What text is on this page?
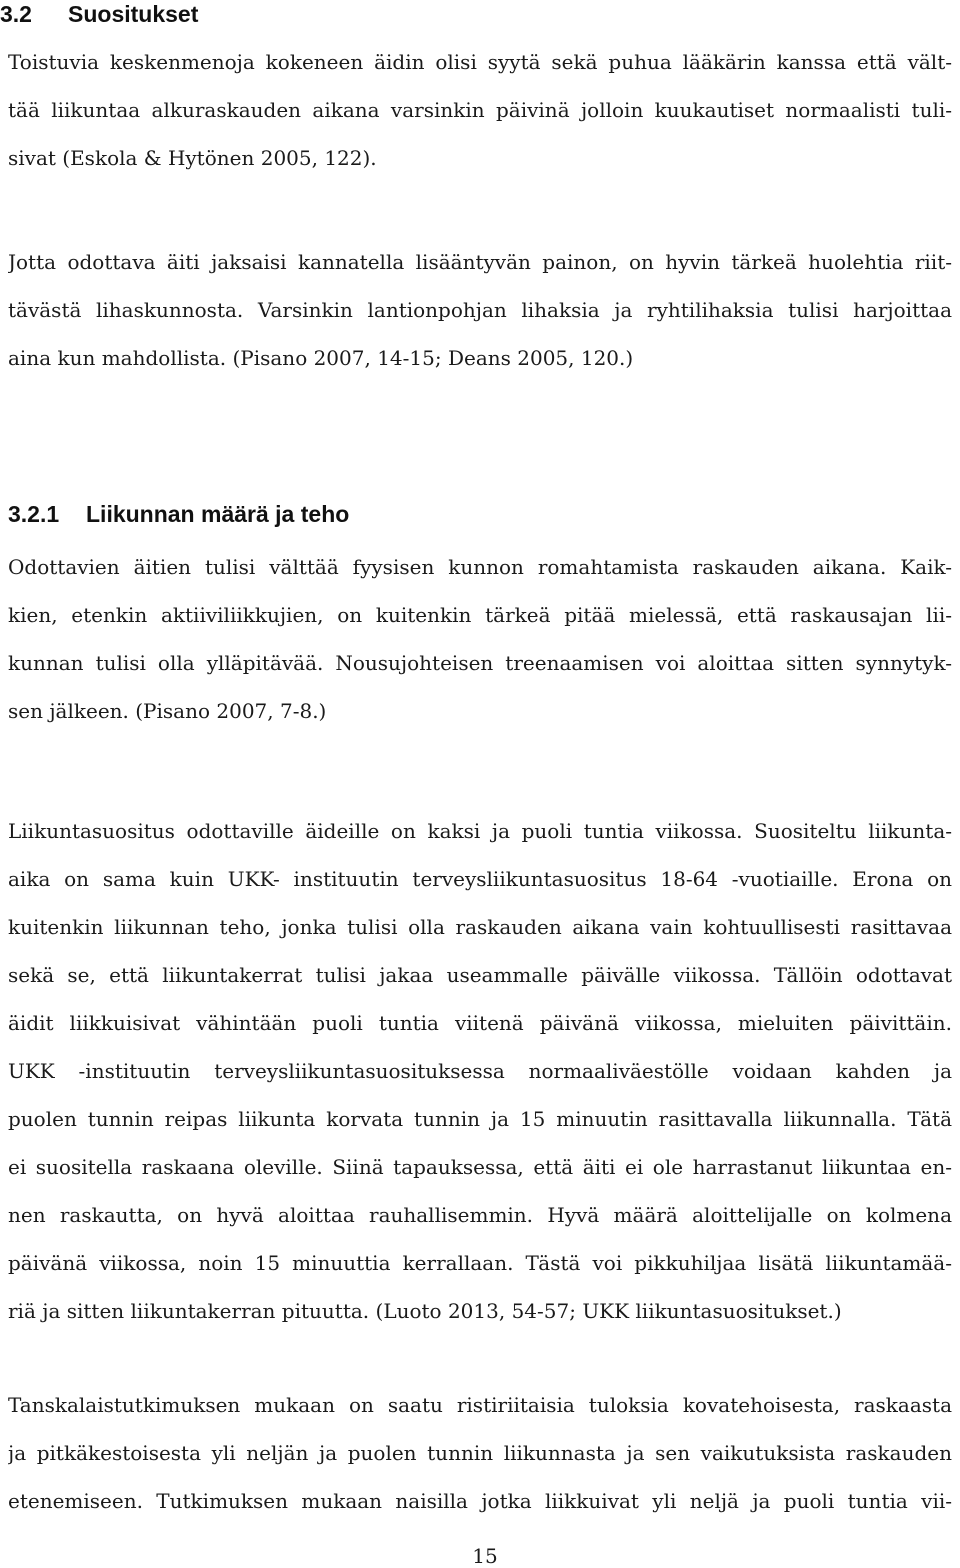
3.2 Suositukset
Toistuvia keskenmenoja kokeneen äidin olisi syytä sekä puhua lääkärin kanssa että vält-
tää liikuntaa alkuraskauden aikana varsinkin päivinä jolloin kuukautiset normaalisti tuli-
sivat (Eskola & Hytönen 2005, 122).
Jotta odottava äiti jaksaisi kannatella lisääntyvän painon, on hyvin tärkeä huolehtia riit-
tävästä lihaskunnosta. Varsinkin lantionpohjan lihaksia ja ryhtilihaksia tulisi harjoittaa
aina kun mahdollista. (Pisano 2007, 14-15; Deans 2005, 120.)
3.2.1 Liikunnan määrä ja teho
Odottavien äitien tulisi välttää fyysisen kunnon romahtamista raskauden aikana. Kaik-
kien, etenkin aktiiviliikkujien, on kuitenkin tärkeä pitää mielessä, että raskausajan lii-
kunnan tulisi olla ylläpitävää. Nousujohteisen treenaamisen voi aloittaa sitten synnytyk-
sen jälkeen. (Pisano 2007, 7-8.)
Liikuntasuositus odottaville äideille on kaksi ja puoli tuntia viikossa. Suositeltu liikunta-
aika on sama kuin UKK- instituutin terveysliikuntasuositus 18-64 -vuotiaille. Erona on
kuitenkin liikunnan teho, jonka tulisi olla raskauden aikana vain kohtuullisesti rasittavaa
sekä se, että liikuntakerrat tulisi jakaa useammalle päivälle viikossa. Tällöin odottavat
äidit liikkuisivat vähintään puoli tuntia viitenä päivänä viikossa, mieluiten päivittäin.
UKK -instituutin terveysliikuntasuosituksessa normaaliväestölle voidaan kahden ja
puolen tunnin reipas liikunta korvata tunnin ja 15 minuutin rasittavalla liikunnalla. Tätä
ei suositella raskaana oleville. Siinä tapauksessa, että äiti ei ole harrastanut liikuntaa en-
nen raskautta, on hyvä aloittaa rauhallisemmin. Hyvä määrä aloittelijalle on kolmena
päivänä viikossa, noin 15 minuuttia kerrallaan. Tästä voi pikkuhiljaa lisätä liikuntamää-
riä ja sitten liikuntakerran pituutta. (Luoto 2013, 54-57; UKK liikuntasuositukset.)
Tanskalaistutkimuksen mukaan on saatu ristiriitaisia tuloksia kovatehoisesta, raskaasta
ja pitkäkestoisesta yli neljän ja puolen tunnin liikunnasta ja sen vaikutuksista raskauden
etenemiseen. Tutkimuksen mukaan naisilla jotka liikkuivat yli neljä ja puoli tuntia vii-

15
